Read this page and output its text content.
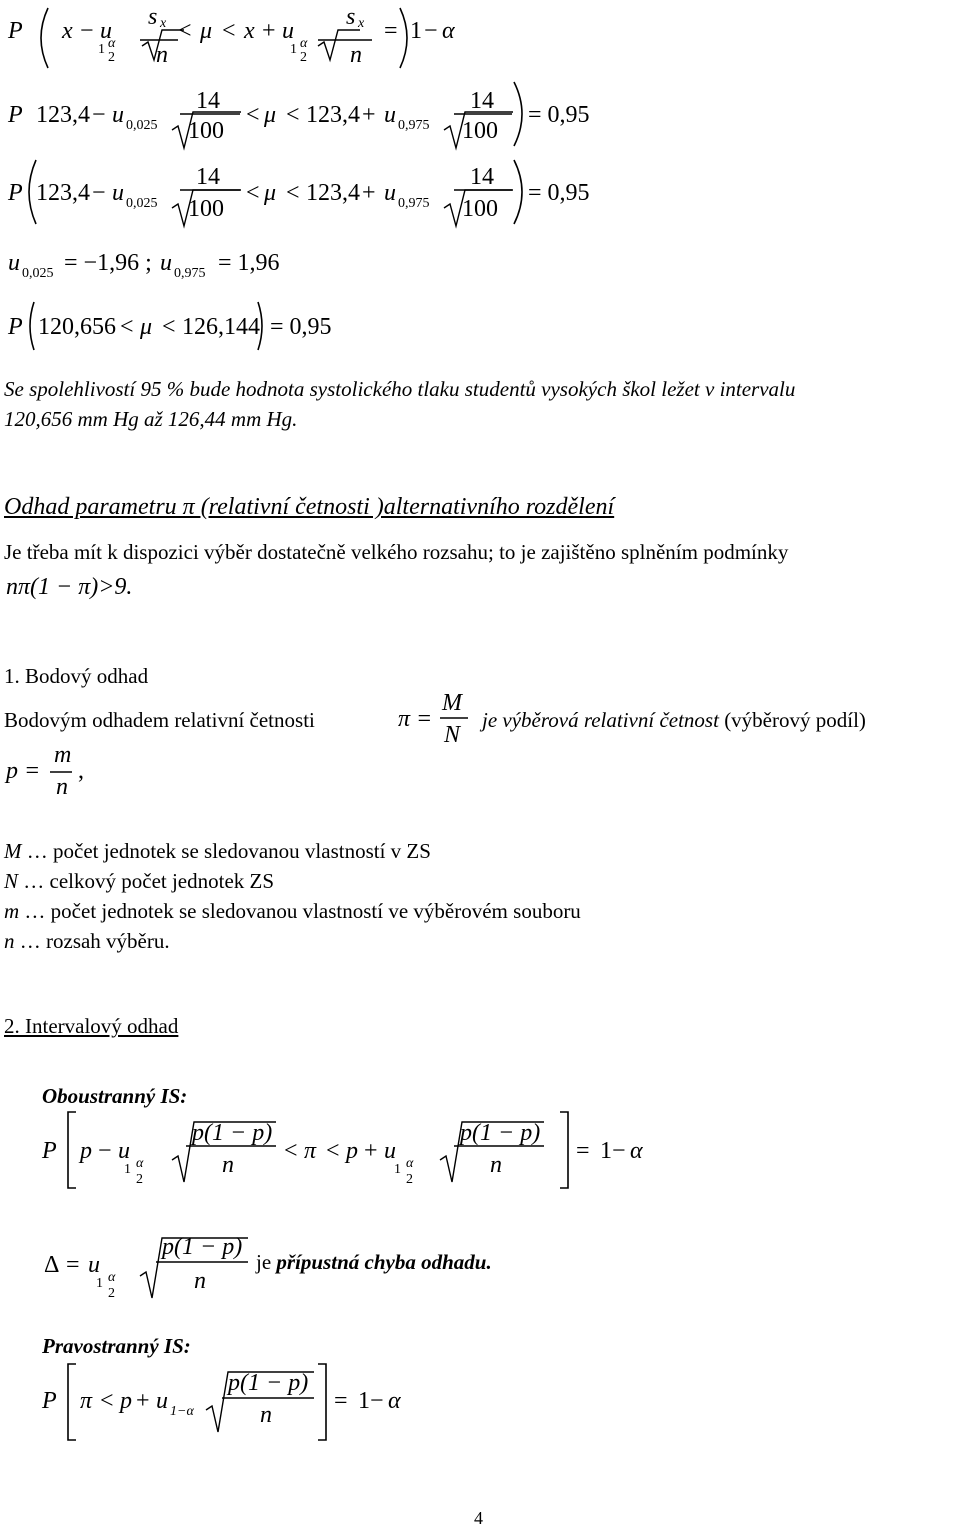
P x − u
1 α
2
s x
n
< μ < x + u
1 α
2
s x
n
= 1 − α
P 123,4 − u 0,025
14
100
< μ < 123,4 + u 0,975
14
100
= 0,95
P 123,4 − u 0,025
14
100
< μ < 123,4 + u 0,975
14
100
= 0,95
u 0,025 = −1,96 ; u 0,975 = 1,96
P 120,656 < μ < 126,144 = 0,95
Se spolehlivostí 95 % bude hodnota systolického tlaku studentů vysokých škol ležet v intervalu
120,656 mm Hg až 126,44 mm Hg.
Odhad parametru π (relativní četnosti )alternativního rozdělení
Je třeba mít k dispozici výběr dostatečně velkého rozsahu; to je zajištěno splněním podmínky
nπ(1 − π)>9.
1. Bodový odhad
Bodovým odhadem relativní četnosti	π =
M
N
je výběrová relativní četnost (výběrový podíl)
p =
m
n
,
M … počet jednotek se sledovanou vlastností v ZS
N … celkový počet jednotek ZS
m … počet jednotek se sledovanou vlastností ve výběrovém souboru
n … rozsah výběru.
2. Intervalový odhad
Oboustranný IS:
P p − u
1 α
2
p(1 − p)
n
< π < p + u
1 α
2
p(1 − p)
n
= 1 − α
Δ = u
1 α
2
p(1 − p)
n
je přípustná chyba odhadu.
Pravostranný IS:
P π < p + u 1−α
p(1 − p)
n
= 1 − α
4
